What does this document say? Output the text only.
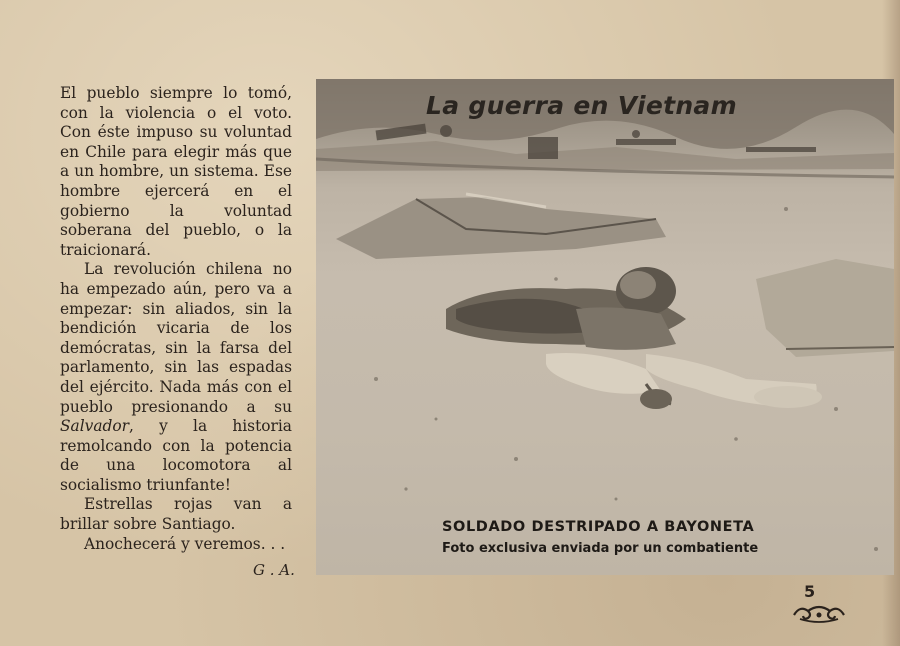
El pueblo siempre lo tomó, con la violencia o el voto. Con éste impuso su voluntad en Chile para elegir más que a un hombre, un sistema. Ese hombre ejercerá en el gobierno la voluntad soberana del pueblo, o la traicionará.

La revolución chilena no ha empezado aún, pero va a empezar: sin aliados, sin la bendición vicaria de los demócratas, sin la farsa del parlamento, sin las espadas del ejército. Nada más con el pueblo presionando a su Salvador, y la historia remolcando con la potencia de una locomotora al socialismo triunfante!

Estrellas rojas van a brillar sobre Santiago.

Anochecerá y veremos. . .

G . A.
La guerra en Vietnam
SOLDADO DESTRIPADO A BAYONETA
Foto exclusiva enviada por un combatiente
5
